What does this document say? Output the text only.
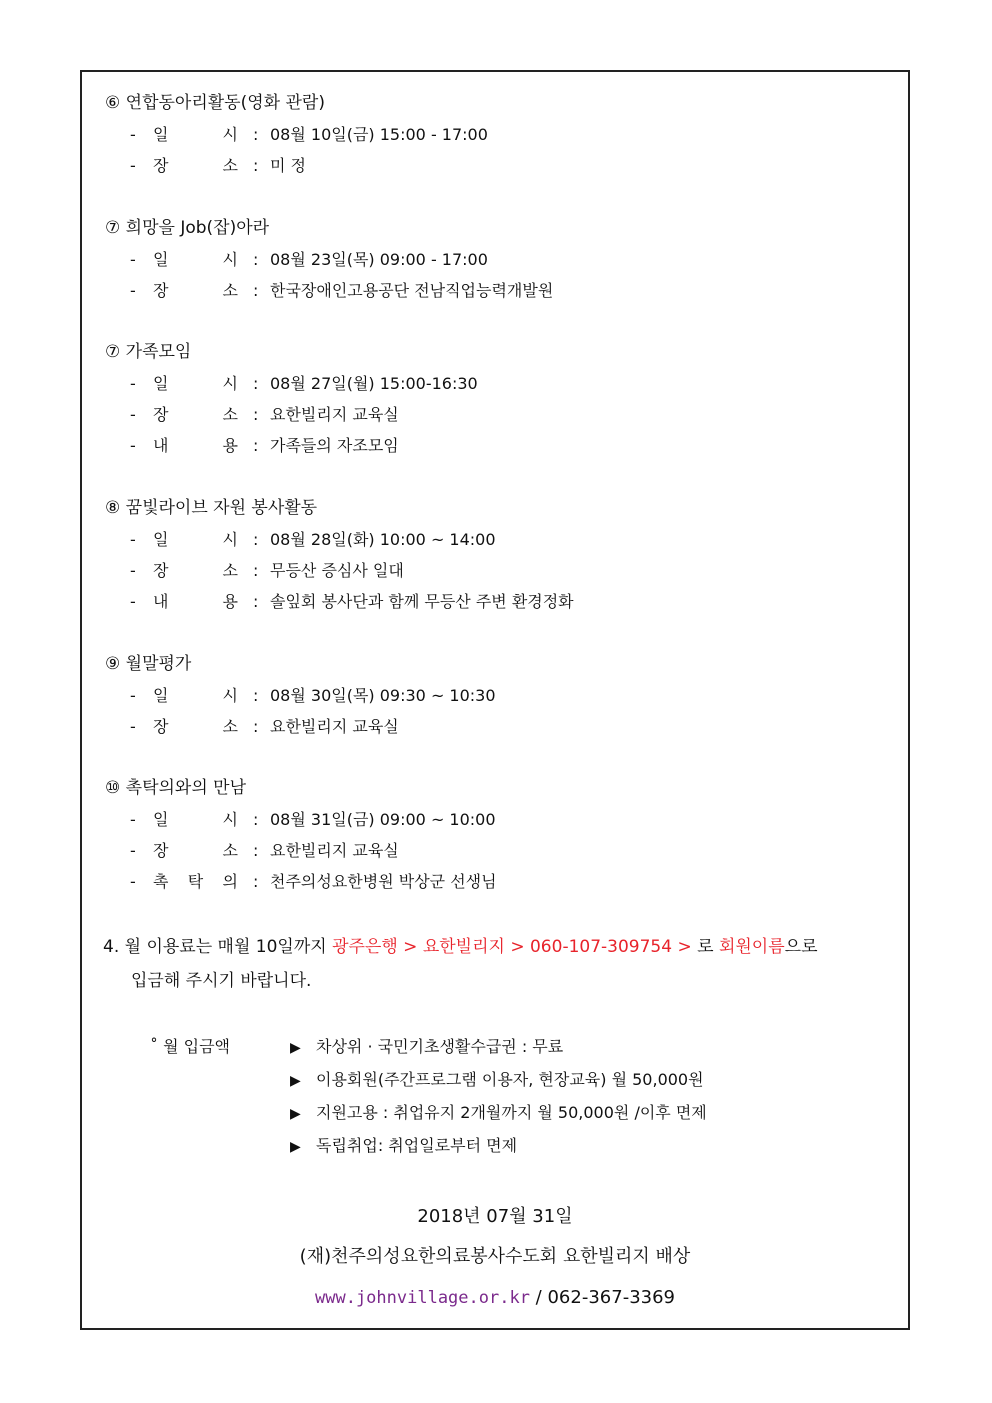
⑥ 연합동아리활동(영화 관람)
- 일	시 : 08월 10일(금) 15:00 - 17:00
- 장	소 : 미 정
⑦ 희망을 Job(잡)아라
- 일	시 : 08월 23일(목) 09:00 - 17:00
- 장	소 : 한국장애인고용공단 전남직업능력개발원
⑦ 가족모임
- 일	시 : 08월 27일(월) 15:00-16:30
- 장	소 : 요한빌리지 교육실
- 내	용 : 가족들의 자조모임
⑧ 꿈빛라이브 자원 봉사활동
- 일	시 : 08월 28일(화) 10:00 ~ 14:00
- 장	소 : 무등산 증심사 일대
- 내	용 : 솔잎회 봉사단과 함께 무등산 주변 환경정화
⑨ 월말평가
- 일	시 : 08월 30일(목) 09:30 ~ 10:30
- 장	소 : 요한빌리지 교육실
⑩ 촉탁의와의 만남
- 일	시 : 08월 31일(금) 09:00 ~ 10:00
- 장	소 : 요한빌리지 교육실
- 촉 탁 의 : 천주의성요한병원 박상군 선생님
4. 월 이용료는 매월 10일까지 광주은행 > 요한빌리지 > 060-107-309754 > 로 회원이름으로
입금해 주시기 바랍니다.
˚ 월 입금액	▶ 차상위 · 국민기초생활수급권 : 무료
▶ 이용회원(주간프로그램 이용자, 현장교육) 월 50,000원
▶ 지원고용 : 취업유지 2개월까지 월 50,000원 /이후 면제
▶ 독립취업: 취업일로부터 면제
2018년 07월 31일
(재)천주의성요한의료봉사수도회 요한빌리지 배상
www.johnvillage.or.kr / 062-367-3369
